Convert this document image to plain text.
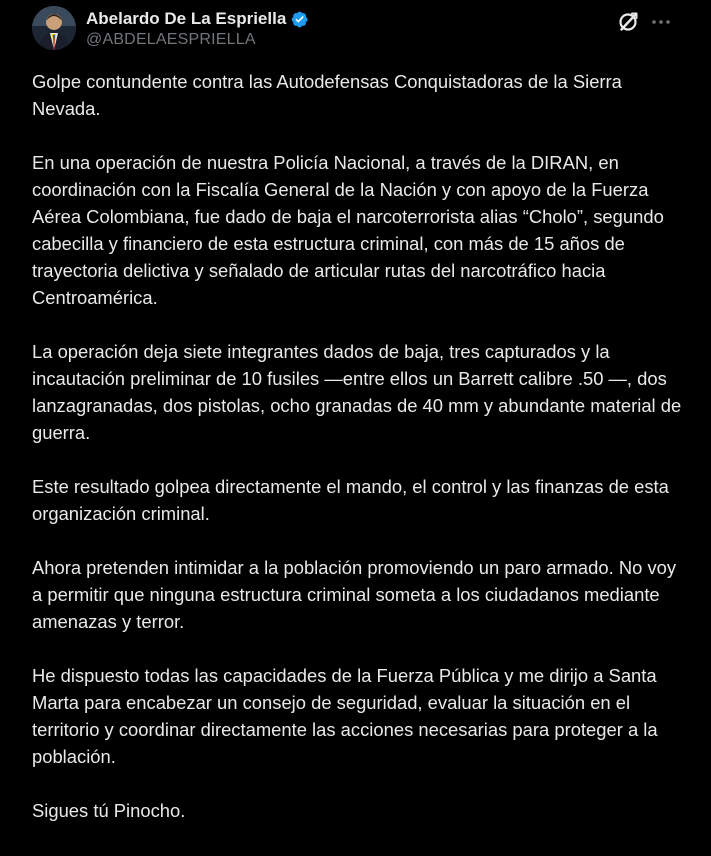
Abelardo De La Espriella
@ABDELAESPRIELLA

Golpe contundente contra las Autodefensas Conquistadoras de la Sierra Nevada.

En una operación de nuestra Policía Nacional, a través de la DIRAN, en coordinación con la Fiscalía General de la Nación y con apoyo de la Fuerza Aérea Colombiana, fue dado de baja el narcoterrorista alias “Cholo”, segundo cabecilla y financiero de esta estructura criminal, con más de 15 años de trayectoria delictiva y señalado de articular rutas del narcotráfico hacia Centroamérica.

La operación deja siete integrantes dados de baja, tres capturados y la incautación preliminar de 10 fusiles —entre ellos un Barrett calibre .50 —, dos lanzagranadas, dos pistolas, ocho granadas de 40 mm y abundante material de guerra.

Este resultado golpea directamente el mando, el control y las finanzas de esta organización criminal.

Ahora pretenden intimidar a la población promoviendo un paro armado. No voy a permitir que ninguna estructura criminal someta a los ciudadanos mediante amenazas y terror.

He dispuesto todas las capacidades de la Fuerza Pública y me dirijo a Santa Marta para encabezar un consejo de seguridad, evaluar la situación en el territorio y coordinar directamente las acciones necesarias para proteger a la población.

Sigues tú Pinocho.
